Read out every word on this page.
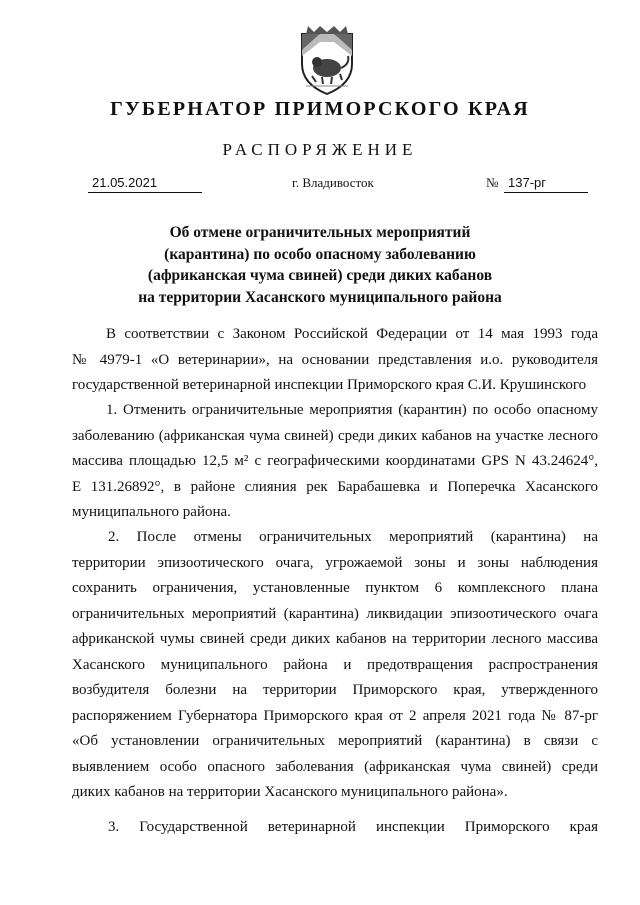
ГУБЕРНАТОР ПРИМОРСКОГО КРАЯ
РАСПОРЯЖЕНИЕ
21.05.2021	г. Владивосток	№ 137-рг
Об отмене ограничительных мероприятий
(карантина) по особо опасному заболеванию
(африканская чума свиней) среди диких кабанов
на территории Хасанского муниципального района

В соответствии с Законом Российской Федерации от 14 мая 1993 года

№ 4979-1 «О ветеринарии», на основании представления и.о. руководителя

государственной ветеринарной инспекции Приморского края С.И. Крушинского

1. Отменить ограничительные мероприятия (карантин) по особо опасному

заболеванию (африканская чума свиней) среди диких кабанов на участке лесного

массива площадью 12,5 м² с географическими координатами GPS N 43.24624°,

E 131.26892°, в районе слияния рек Барабашевка и Поперечка Хасанского

муниципального района.

2. После отмены ограничительных мероприятий (карантина) на

территории эпизоотического очага, угрожаемой зоны и зоны наблюдения

сохранить ограничения, установленные пунктом 6 комплексного плана

ограничительных мероприятий (карантина) ликвидации эпизоотического очага

африканской чумы свиней среди диких кабанов на территории лесного массива

Хасанского муниципального района и предотвращения распространения

возбудителя болезни на территории Приморского края, утвержденного

распоряжением Губернатора Приморского края от 2 апреля 2021 года № 87-рг

«Об установлении ограничительных мероприятий (карантина) в связи с

выявлением особо опасного заболевания (африканская чума свиней) среди

диких кабанов на территории Хасанского муниципального района».

3. Государственной ветеринарной инспекции Приморского края
